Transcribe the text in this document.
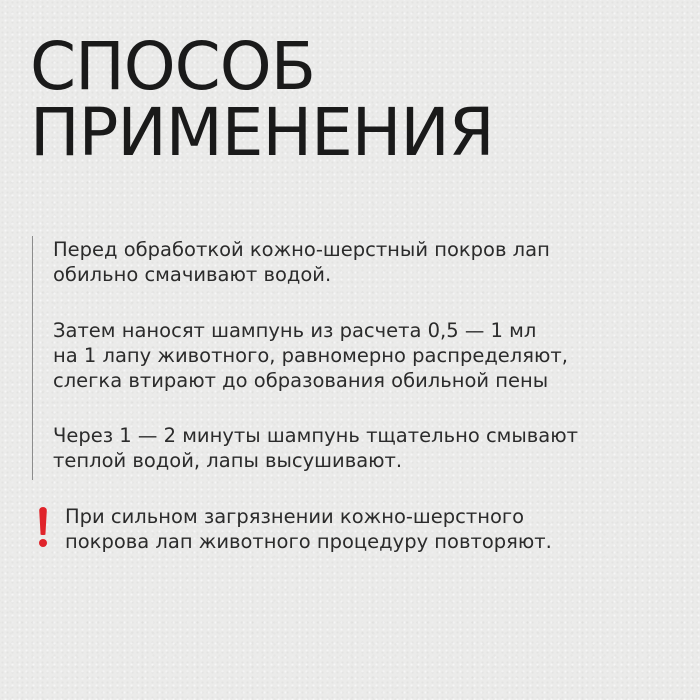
СПОСОБ
ПРИМЕНЕНИЯ

Перед обработкой кожно-шерстный покров лап
обильно смачивают водой.

Затем наносят шампунь из расчета 0,5 — 1 мл
на 1 лапу животного, равномерно распределяют,
слегка втирают до образования обильной пены

Через 1 — 2 минуты шампунь тщательно смывают
теплой водой, лапы высушивают.

При сильном загрязнении кожно-шерстного
покрова лап животного процедуру повторяют.
